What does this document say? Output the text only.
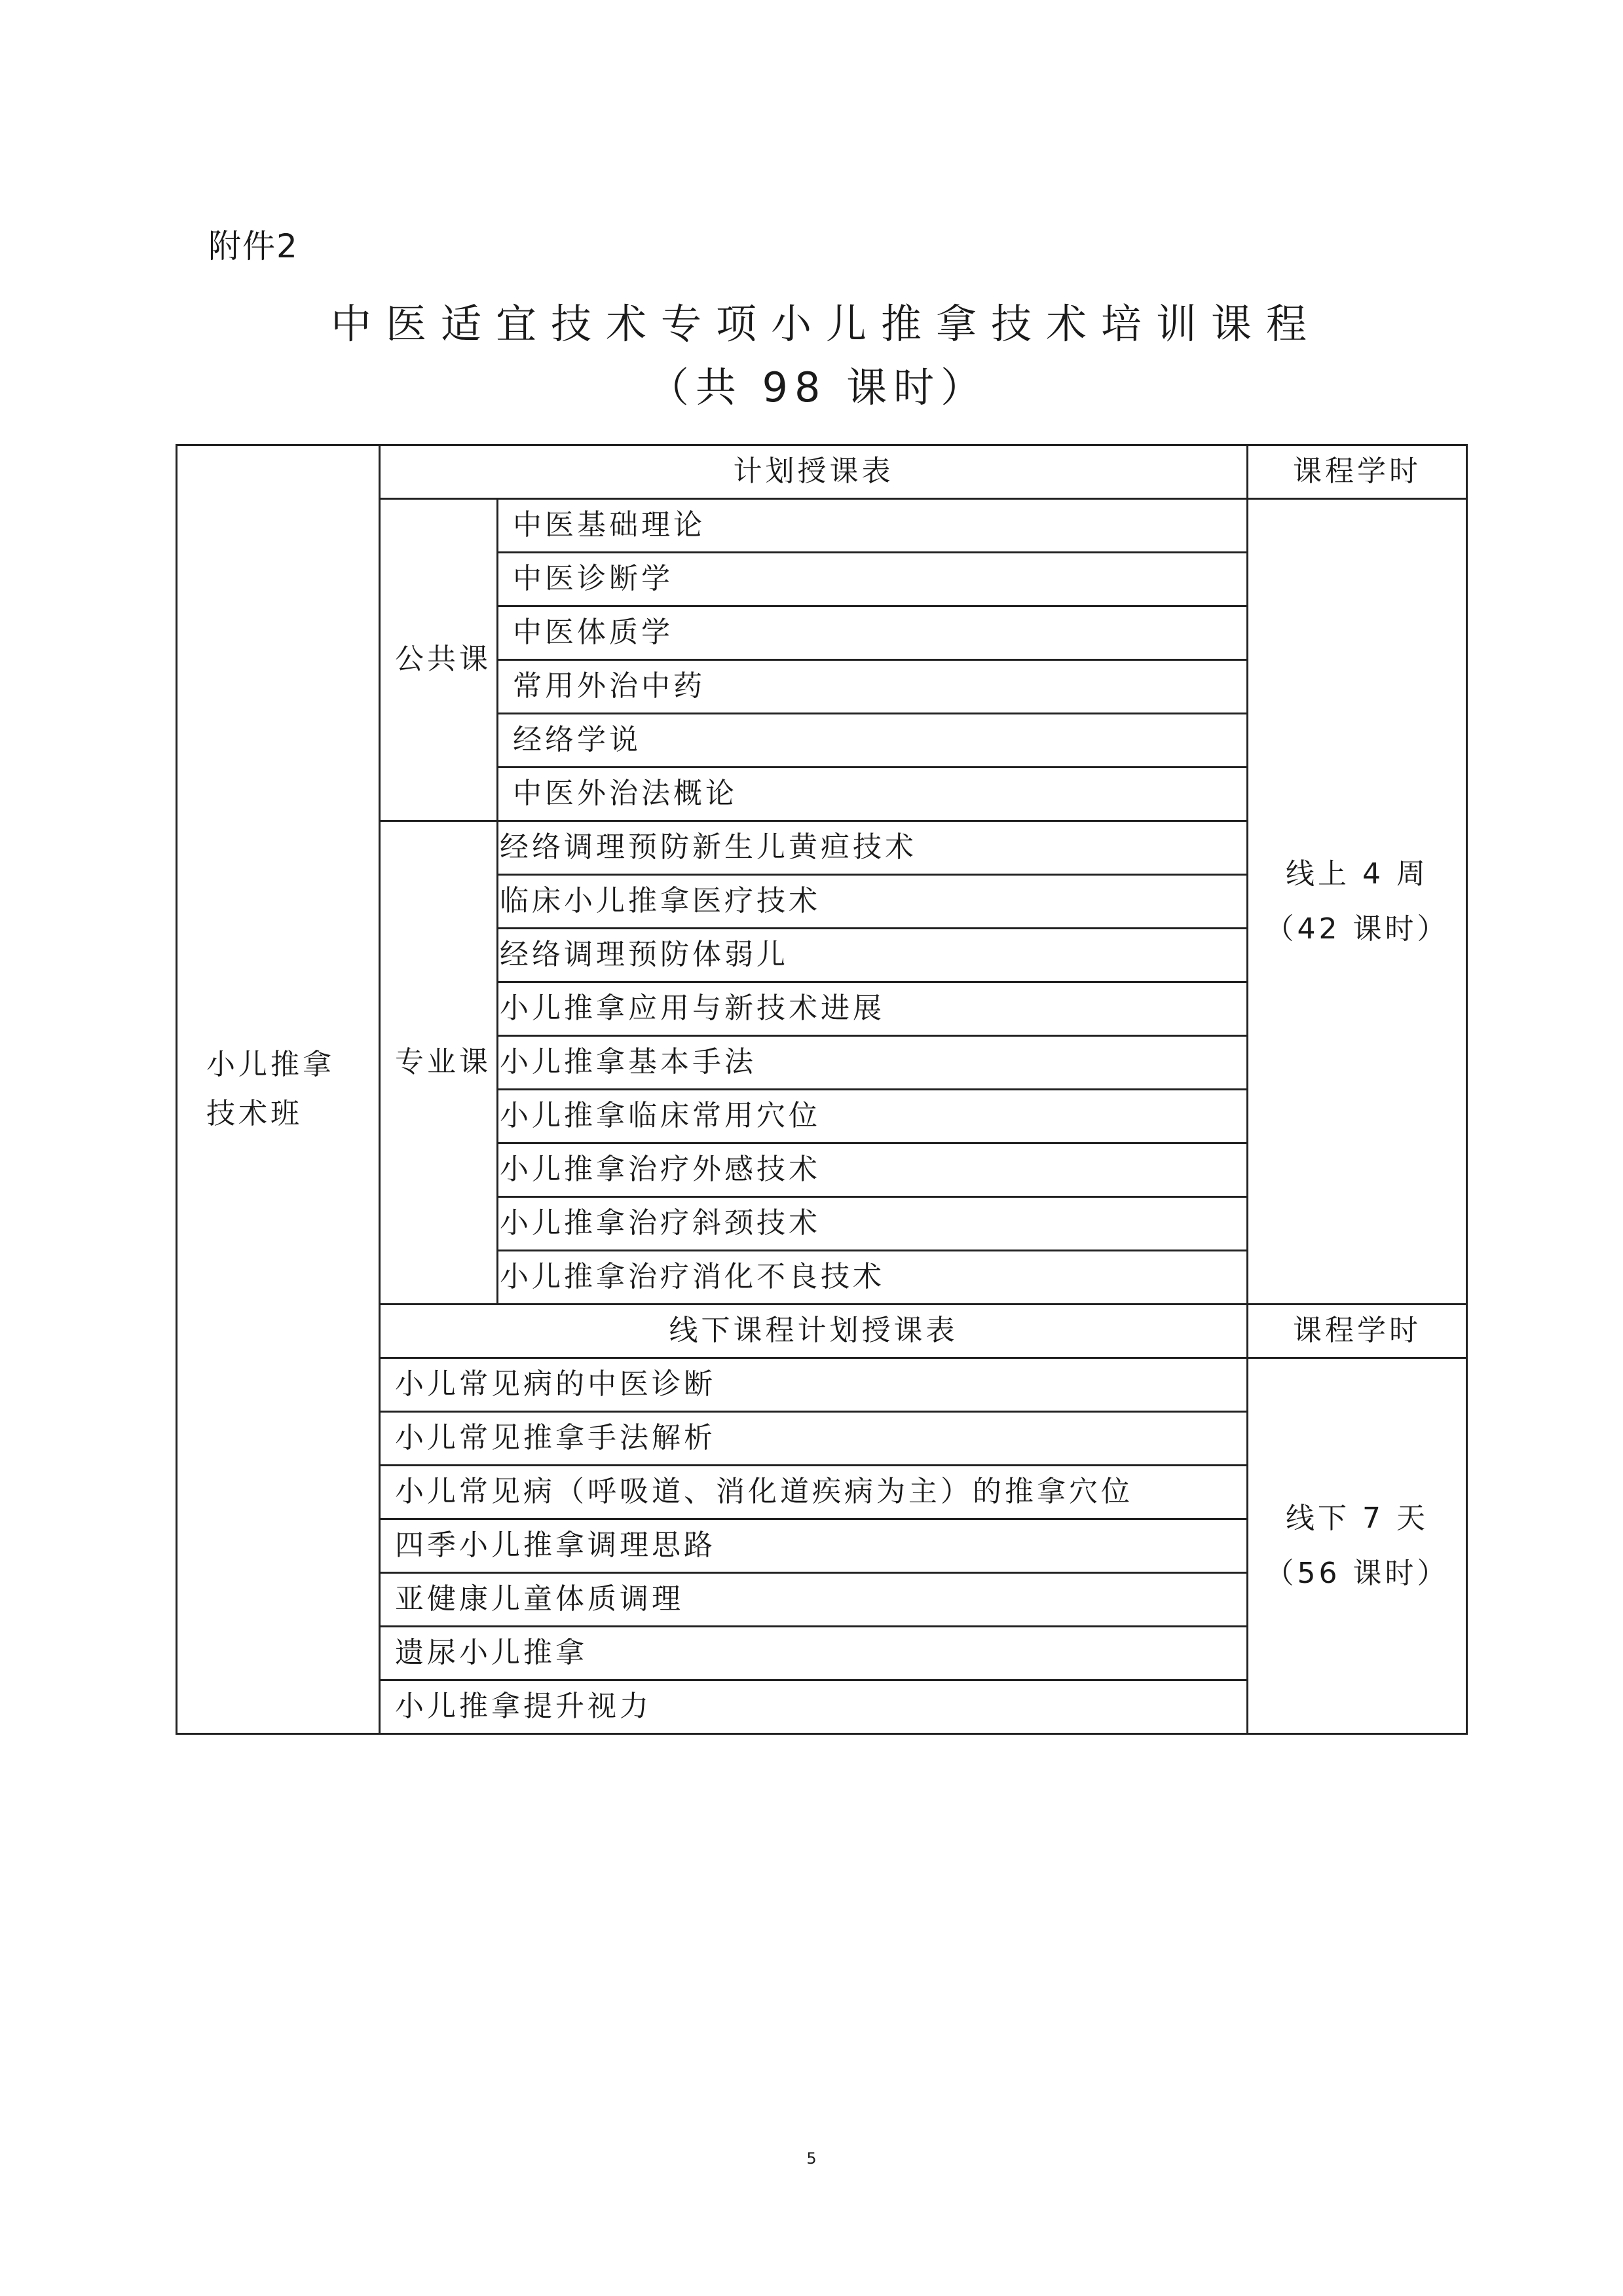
附件2
中医适宜技术专项小儿推拿技术培训课程
（共 98 课时）
小儿推拿
技术班	计划授课表		课程学时
	公共课	中医基础理论	线上 4 周
（42 课时）

		中医诊断学	
		中医体质学	
		常用外治中药	
		经络学说	
		中医外治法概论	
	专业课	经络调理预防新生儿黄疸技术	
		临床小儿推拿医疗技术	
		经络调理预防体弱儿	
		小儿推拿应用与新技术进展	
		小儿推拿基本手法	
		小儿推拿临床常用穴位	
		小儿推拿治疗外感技术	
		小儿推拿治疗斜颈技术	
		小儿推拿治疗消化不良技术	
	线下课程计划授课表		课程学时
	小儿常见病的中医诊断		线下 7 天
（56 课时）

	小儿常见推拿手法解析		
	小儿常见病（呼吸道、消化道疾病为主）的推拿穴位		
	四季小儿推拿调理思路		
	亚健康儿童体质调理		
	遗尿小儿推拿		
	小儿推拿提升视力		
5
